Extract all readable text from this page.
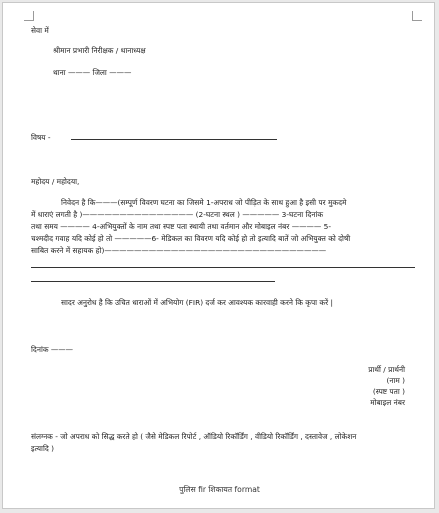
सेवा में
श्रीमान प्रभारी निरीक्षक / थानाध्यक्ष
थाना ——— जिला ———
विषय -
महोदय / महोदया,
निवेदन है कि———(सम्पूर्ण विवरण घटना का जिसमे 1-अपराध जो पीड़ित के साथ हुआ है इसी पर मुकदमे
में धाराएं लगती है )——————————————— (2-घटना स्थल ) ————— 3-घटना दिनांक
तथा समय ———— 4-अभियुक्तों के नाम तथा स्पष्ट पता स्थायी तथा वर्तमान और मोबाइल नंबर ———— 5-
चश्मदीद गवाह यदि कोई हो तो —————6- मेडिकल का विवरण यदि कोई हो तो इत्यादि बातें जो अभियुक्त को दोषी
साबित करने में सहायक हो)——————————————————————————————
सादर अनुरोध है कि उचित धाराओं में अभियोग (FIR) दर्ज कर आवश्यक कारवाही करने कि कृपा करें |
दिनांक ———
प्रार्थी / प्रार्थनी
(नाम )
(स्पष्ट पता )
मोबाइल नंबर
संलग्नक - जो अपराध को सिद्ध करते हो ( जैसे मेडिकल रिपोर्ट , ऑडियो रिकॉर्डिंग , वीडियो रिकॉर्डिंग , दस्तावेज , लोकेशन
इत्यादि )
पुलिस fir शिकायत format
